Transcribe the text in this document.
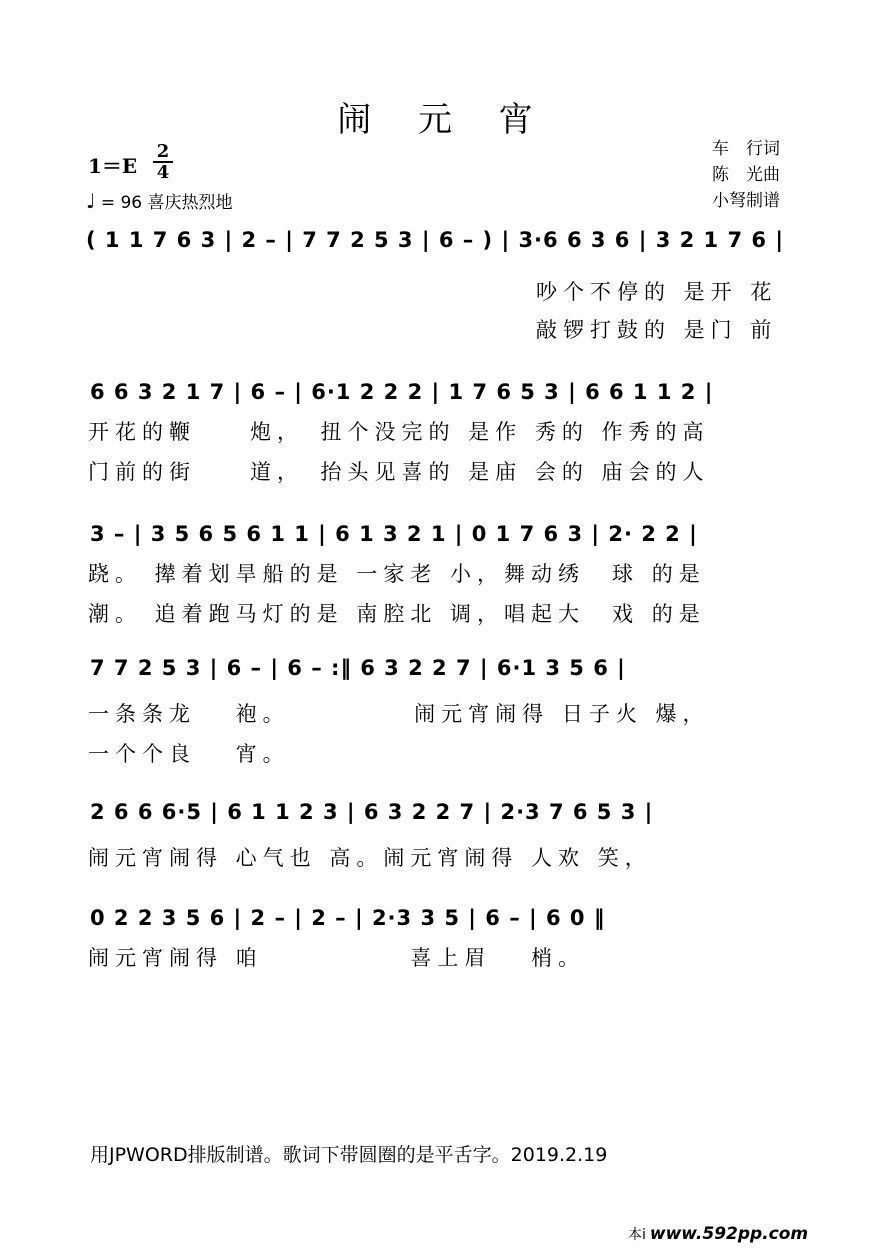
闹 元 宵
车　行词
陈　光曲
小弩制谱
1＝E
2
4
♩ = 96 喜庆热烈地
( 1 1 7 6 3 | 2 – | 7 7 2 5 3 | 6 – ) | 3·6 6 3 6 | 3 2 1 7 6 |
吵个不停的 是开 花
敲锣打鼓的 是门 前
6 6 3 2 1 7 | 6 – | 6·1 2 2 2 | 1 7 6 5 3 | 6 6 1 1 2 |
开花的鞭　　炮，　扭个没完的 是作 秀的 作秀的高
门前的街　　道，　抬头见喜的 是庙 会的 庙会的人
3 – | 3 5 6 5 6 1 1 | 6 1 3 2 1 | 0 1 7 6 3 | 2· 2 2 |
跷。 撵着划旱船的是 一家老 小，舞动绣　球 的是
潮。 追着跑马灯的是 南腔北 调，唱起大　戏 的是
7 7 2 5 3 | 6 – | 6 – :‖ 6 3 2 2 7 | 6·1 3 5 6 |
一条条龙　 袍。　　　　　闹元宵闹得 日子火 爆，
一个个良　 宵。
2 6 6 6·5 | 6 1 1 2 3 | 6 3 2 2 7 | 2·3 7 6 5 3 |
闹元宵闹得 心气也 高。闹元宵闹得 人欢 笑，
0 2 2 3 5 6 | 2 – | 2 – | 2·3 3 5 | 6 – | 6 0 ‖
闹元宵闹得 咱　　　　　 喜上眉　 梢。
用JPWORD排版制谱。歌词下带圆圈的是平舌字。2019.2.19
本i www.592pp.com
